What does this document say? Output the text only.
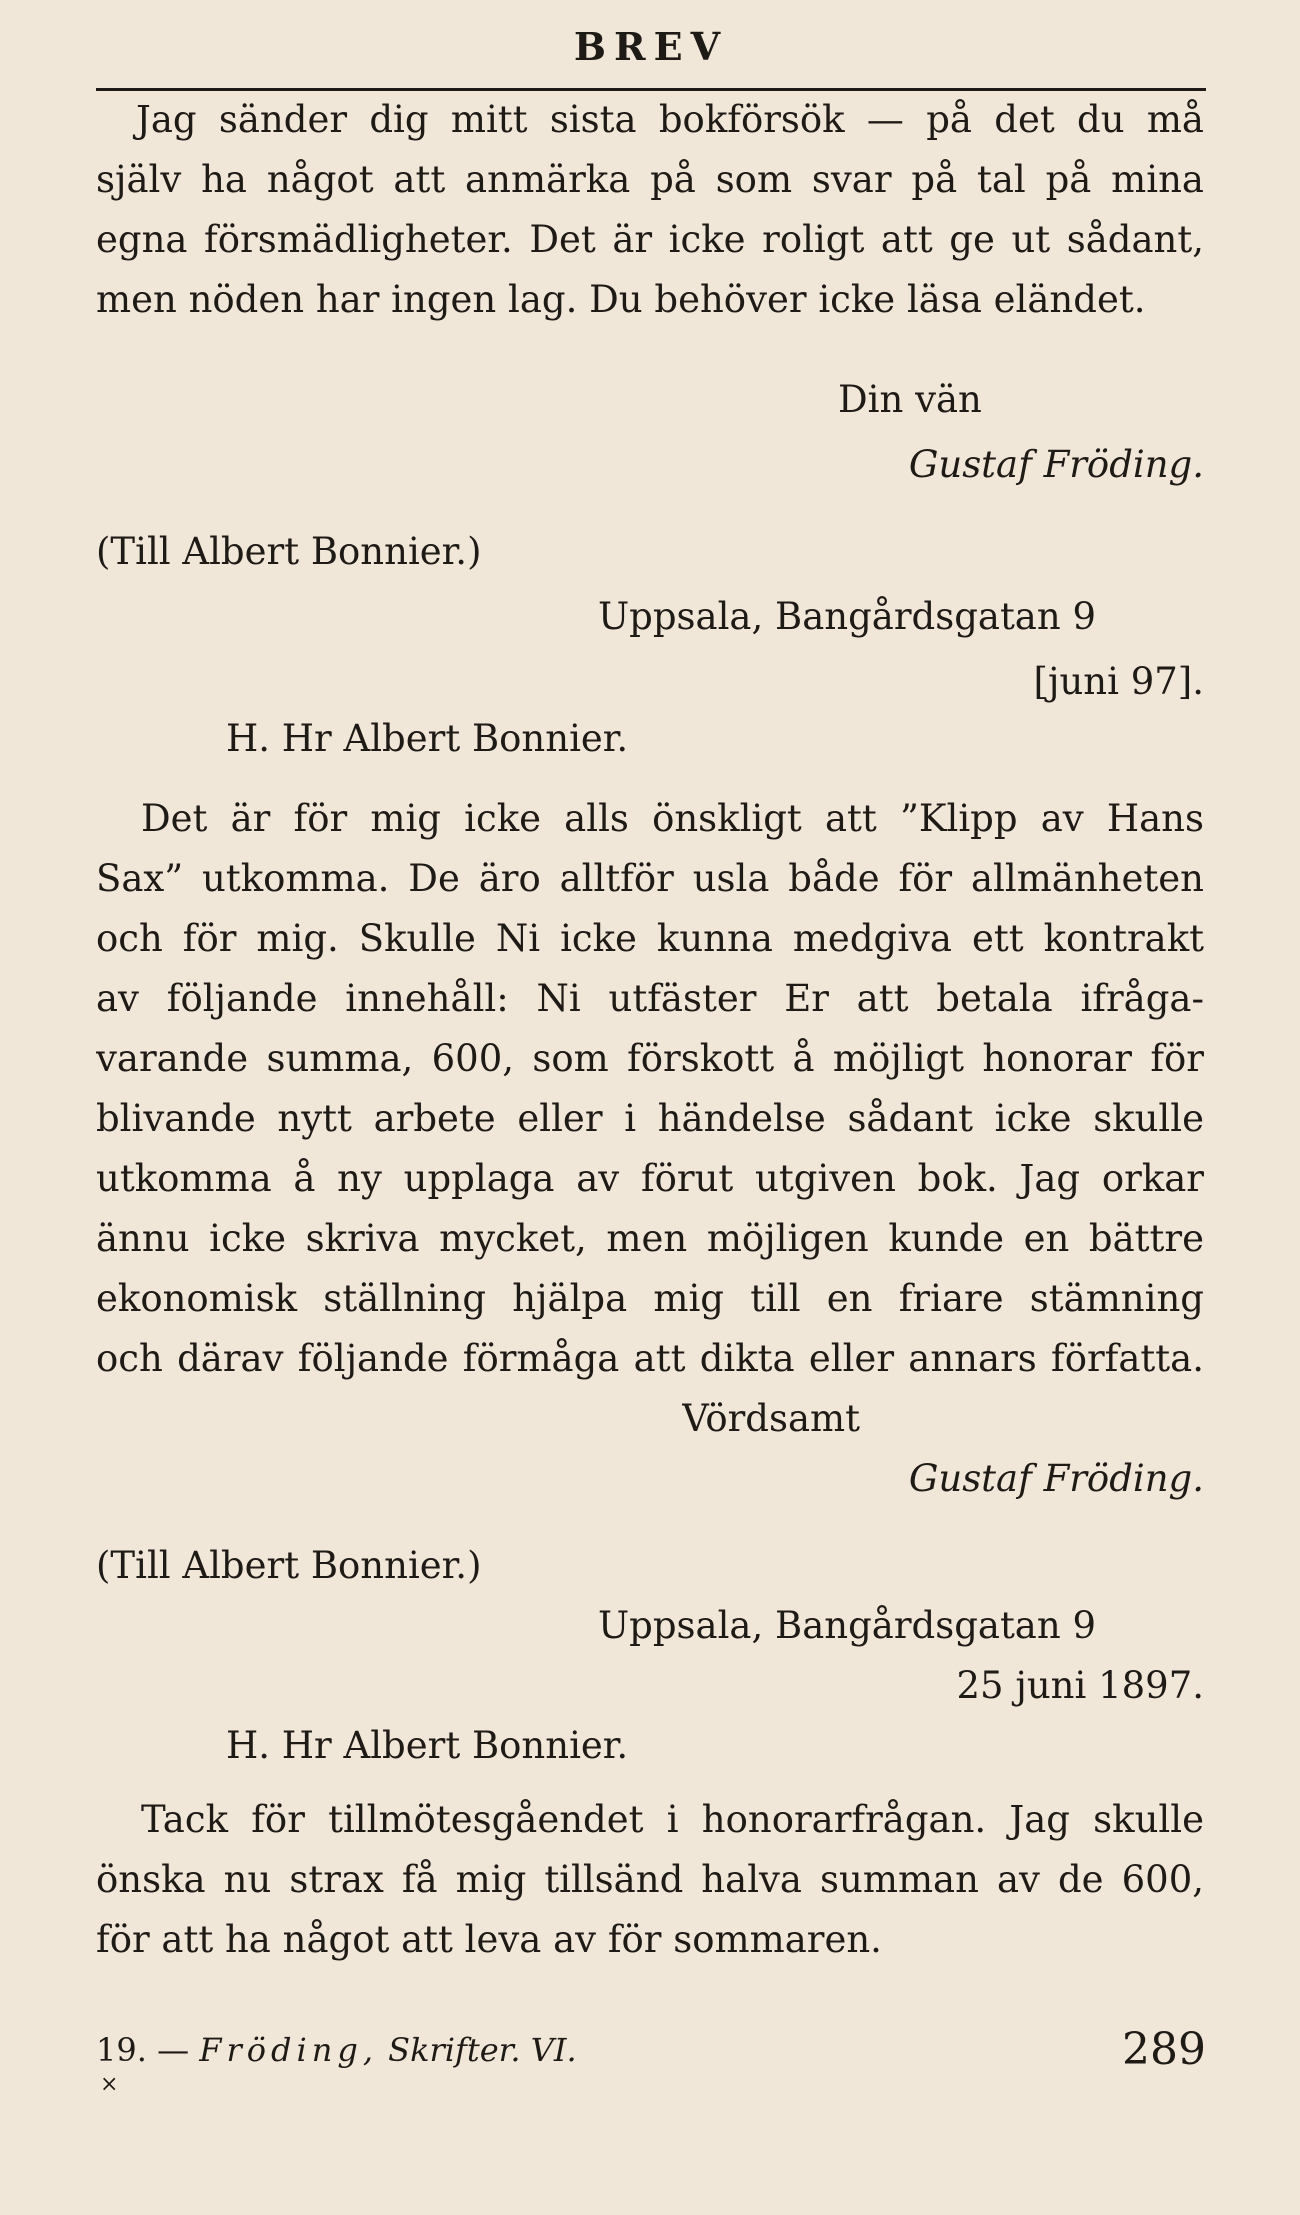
BREV
Jag sänder dig mitt sista bokförsök — på det du må
själv ha något att anmärka på som svar på tal på mina
egna försmädligheter. Det är icke roligt att ge ut sådant,
men nöden har ingen lag. Du behöver icke läsa eländet.
Din vän
Gustaf Fröding.
(Till Albert Bonnier.)
Uppsala, Bangårdsgatan 9
[juni 97].
H. Hr Albert Bonnier.
Det är för mig icke alls önskligt att ”Klipp av Hans
Sax” utkomma. De äro alltför usla både för allmänheten
och för mig. Skulle Ni icke kunna medgiva ett kontrakt
av följande innehåll: Ni utfäster Er att betala ifråga-
varande summa, 600, som förskott å möjligt honorar för
blivande nytt arbete eller i händelse sådant icke skulle
utkomma å ny upplaga av förut utgiven bok. Jag orkar
ännu icke skriva mycket, men möjligen kunde en bättre
ekonomisk ställning hjälpa mig till en friare stämning
och därav följande förmåga att dikta eller annars författa.
Vördsamt
Gustaf Fröding.
(Till Albert Bonnier.)
Uppsala, Bangårdsgatan 9
25 juni 1897.
H. Hr Albert Bonnier.
Tack för tillmötesgåendet i honorarfrågan. Jag skulle
önska nu strax få mig tillsänd halva summan av de 600,
för att ha något att leva av för sommaren.
19. — Fröding, Skrifter. VI.	289
×
